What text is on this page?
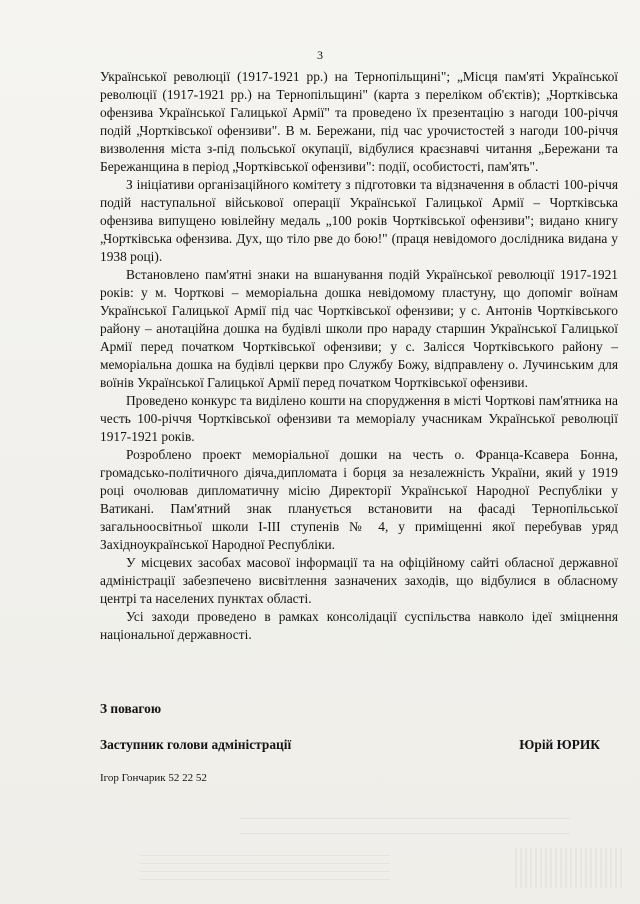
3

Української революції (1917-1921 рр.) на Тернопільщині"; „Місця пам'яті Української революції (1917-1921 рр.) на Тернопільщині" (карта з переліком об'єктів); „Чортківська офензива Української Галицької Армії" та проведено їх презентацію з нагоди 100-річчя подій „Чортківської офензиви". В м. Бережани, під час урочистостей з нагоди 100-річчя визволення міста з-під польської окупації, відбулися краєзнавчі читання „Бережани та Бережанщина в період „Чортківської офензиви": події, особистості, пам'ять".

З ініціативи організаційного комітету з підготовки та відзначення в області 100-річчя подій наступальної військової операції Української Галицької Армії – Чортківська офензива випущено ювілейну медаль „100 років Чортківської офензиви"; видано книгу „Чортківська офензива. Дух, що тіло рве до бою!" (праця невідомого дослідника видана у 1938 році).

Встановлено пам'ятні знаки на вшанування подій Української революції 1917-1921 років: у м. Чорткові – меморіальна дошка невідомому пластуну, що допоміг воїнам Української Галицької Армії під час Чортківської офензиви; у с. Антонів Чортківського району – анотаційна дошка на будівлі школи про нараду старшин Української Галицької Армії перед початком Чортківської офензиви; у с. Залісся Чортківського району – меморіальна дошка на будівлі церкви про Службу Божу, відправлену о. Лучинським для воїнів Української Галицької Армії перед початком Чортківської офензиви.

Проведено конкурс та виділено кошти на спорудження в місті Чорткові пам'ятника на честь 100-річчя Чортківської офензиви та меморіалу учасникам Української революції 1917-1921 років.

Розроблено проект меморіальної дошки на честь о. Франца-Ксавера Бонна, громадсько-політичного діяча,дипломата і борця за незалежність України, який у 1919 році очолював дипломатичну місію Директорії Української Народної Республіки у Ватикані. Пам'ятний знак планується встановити на фасаді Тернопільської загальноосвітньої школи І-ІІІ ступенів № 4, у приміщенні якої перебував уряд Західноукраїнської Народної Республіки.

У місцевих засобах масової інформації та на офіційному сайті обласної державної адміністрації забезпечено висвітлення зазначених заходів, що відбулися в обласному центрі та населених пунктах області.

Усі заходи проведено в рамках консолідації суспільства навколо ідеї зміцнення національної державності.

З повагою
Заступник голови адміністрації	Юрій ЮРИК
Ігор Гончарик 52 22 52
